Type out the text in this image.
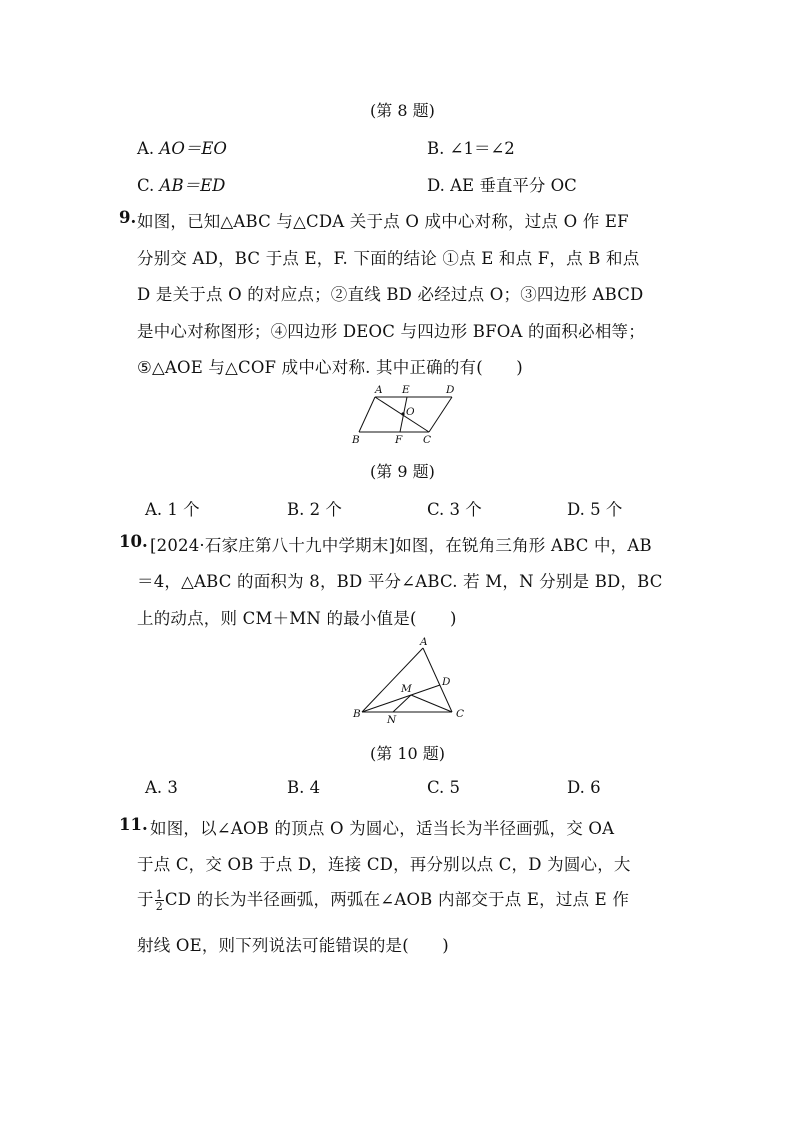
(第 8 题)
A. AO＝EO	B. ∠1＝∠2
C. AB＝ED	D. AE 垂直平分 OC
9. 如图，已知△ABC 与△CDA 关于点 O 成中心对称，过点 O 作 EF
分别交 AD，BC 于点 E，F. 下面的结论 ①点 E 和点 F，点 B 和点
D 是关于点 O 的对应点；②直线 BD 必经过点 O；③四边形 ABCD
是中心对称图形；④四边形 DEOC 与四边形 BFOA 的面积必相等；
⑤△AOE 与△COF 成中心对称. 其中正确的有(　　)
A E	D
O
B	F C
(第 9 题)
A. 1 个	B. 2 个	C. 3 个	D. 5 个
10. [2024·石家庄第八十九中学期末]如图，在锐角三角形 ABC 中，AB
＝4，△ABC 的面积为 8，BD 平分∠ABC. 若 M，N 分别是 BD，BC
上的动点，则 CM＋MN 的最小值是(　　)
A
D
M
B	N	C
(第 10 题)
A. 3	B. 4	C. 5	D. 6
11. 如图，以∠AOB 的顶点 O 为圆心，适当长为半径画弧，交 OA
于点 C，交 OB 于点 D，连接 CD，再分别以点 C，D 为圆心，大
于 $\frac{1}{2}$ CD 的长为半径画弧，两弧在∠AOB 内部交于点 E，过点 E 作
射线 OE，则下列说法可能错误的是(　　)
